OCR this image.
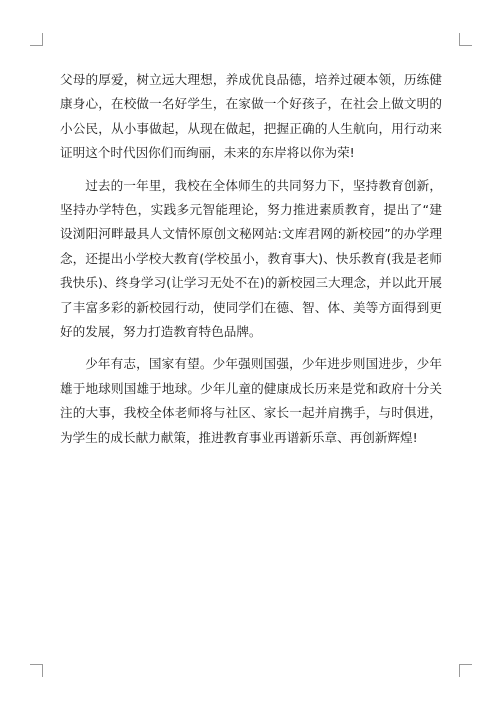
父母的厚爱，树立远大理想，养成优良品德，培养过硬本领，历练健康身心，在校做一名好学生，在家做一个好孩子，在社会上做文明的小公民，从小事做起，从现在做起，把握正确的人生航向，用行动来证明这个时代因你们而绚丽，未来的东岸将以你为荣!

过去的一年里，我校在全体师生的共同努力下，坚持教育创新，坚持办学特色，实践多元智能理论，努力推进素质教育，提出了“建设浏阳河畔最具人文情怀原创文秘网站:文库君网的新校园”的办学理念，还提出小学校大教育(学校虽小，教育事大)、快乐教育(我是老师我快乐)、终身学习(让学习无处不在)的新校园三大理念，并以此开展了丰富多彩的新校园行动，使同学们在德、智、体、美等方面得到更好的发展，努力打造教育特色品牌。

少年有志，国家有望。少年强则国强，少年进步则国进步，少年雄于地球则国雄于地球。少年儿童的健康成长历来是党和政府十分关注的大事，我校全体老师将与社区、家长一起并肩携手，与时俱进，为学生的成长献力献策，推进教育事业再谱新乐章、再创新辉煌!
